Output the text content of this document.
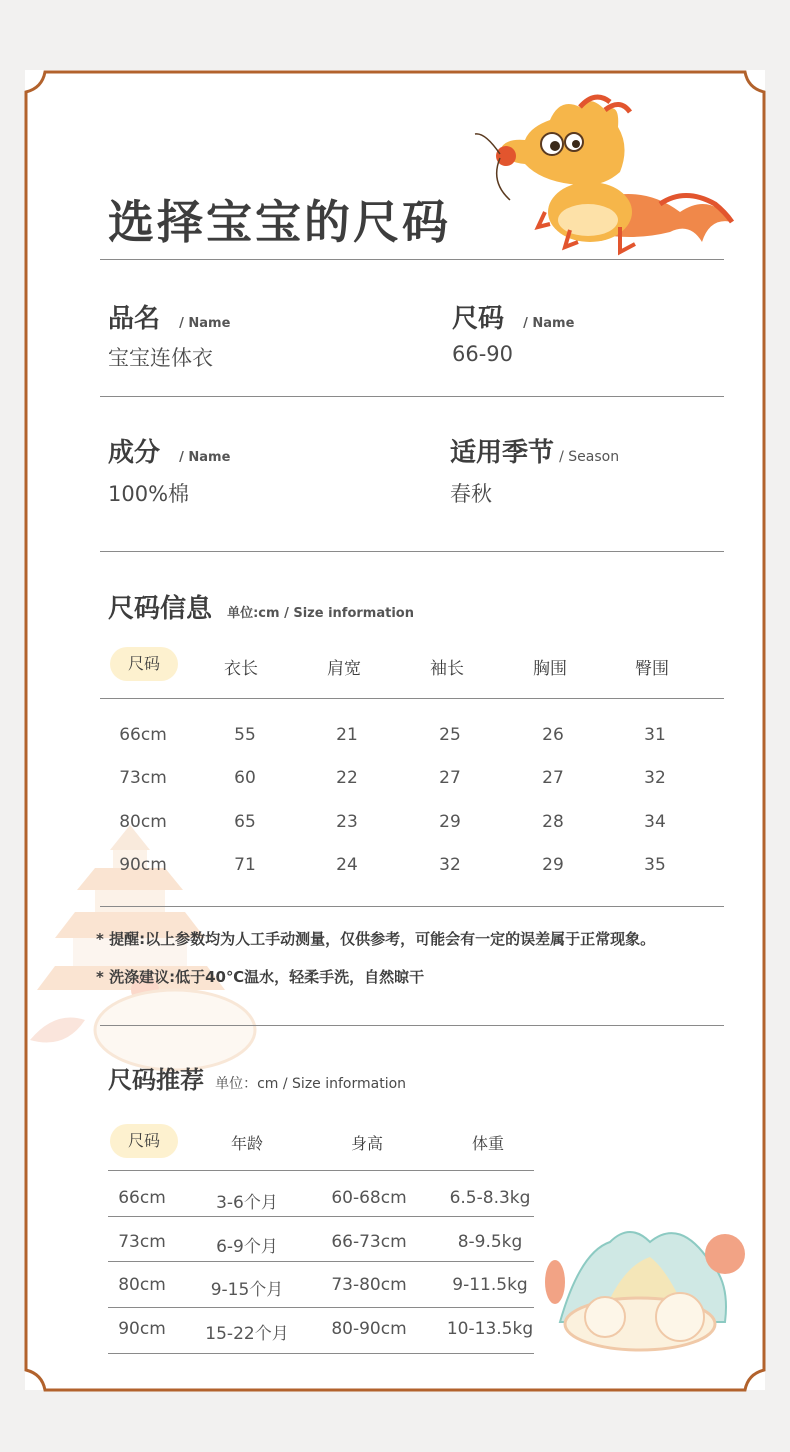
选择宝宝的尺码
品名 / Name
宝宝连体衣
尺码 / Name
66-90
成分 / Name
100%棉
适用季节 / Season
春秋
尺码信息 单位:cm / Size information
尺码	衣长	肩宽	袖长	胸围	臀围
66cm	55	21	25	26	31
73cm	60	22	27	27	32
80cm	65	23	29	28	34
90cm	71	24	32	29	35
* 提醒:以上参数均为人工手动测量，仅供参考，可能会有一定的误差属于正常现象。
* 洗涤建议:低于40℃温水，轻柔手洗，自然晾干
尺码推荐 单位：cm / Size information
尺码	年龄	身高	体重
66cm	3-6个月	60-68cm	6.5-8.3kg
73cm	6-9个月	66-73cm	8-9.5kg
80cm	9-15个月	73-80cm	9-11.5kg
90cm	15-22个月	80-90cm	10-13.5kg
